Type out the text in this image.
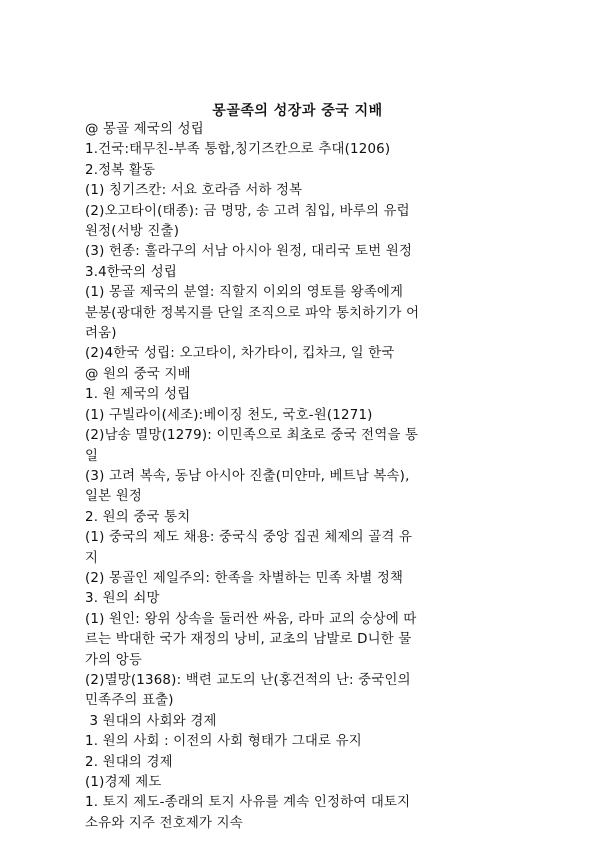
몽골족의 성장과 중국 지배
@ 몽골 제국의 성립
1.건국:태무친-부족 통합,칭기즈칸으로 추대(1206)
2.정복 활동
(1) 칭기즈칸: 서요 호라즘 서하 정복
(2)오고타이(태종): 금 명망, 송 고려 침입, 바루의 유럽
원정(서방 진출)
(3) 헌종: 훌라구의 서남 아시아 원정, 대리국 토번 원정
3.4한국의 성립
(1) 몽골 제국의 분열: 직할지 이외의 영토를 왕족에게
분봉(광대한 정복지를 단일 조직으로 파악 통치하기가 어
려움)
(2)4한국 성립: 오고타이, 차가타이, 킵차크, 일 한국
@ 원의 중국 지배
1. 원 제국의 성립
(1) 구빌라이(세조):베이징 천도, 국호-원(1271)
(2)남송 멸망(1279): 이민족으로 최초로 중국 전역을 통
일
(3) 고려 복속, 동남 아시아 진출(미얀마, 베트남 복속),
일본 원정
2. 원의 중국 통치
(1) 중국의 제도 채용: 중국식 중앙 집권 체제의 골격 유
지
(2) 몽골인 제일주의: 한족을 차별하는 민족 차별 정책
3. 원의 쇠망
(1) 원인: 왕위 상속을 둘러싼 싸움, 라마 교의 숭상에 따
르는 박대한 국가 재정의 낭비, 교초의 남발로 D니한 물
가의 앙등
(2)멸망(1368): 백련 교도의 난(홍건적의 난: 중국인의
민족주의 표출)
3 원대의 사회와 경제
1. 원의 사회 : 이전의 사회 형태가 그대로 유지
2. 원대의 경제
(1)경제 제도
1. 토지 제도-종래의 토지 사유를 계속 인정하여 대토지
소유와 지주 전호제가 지속
